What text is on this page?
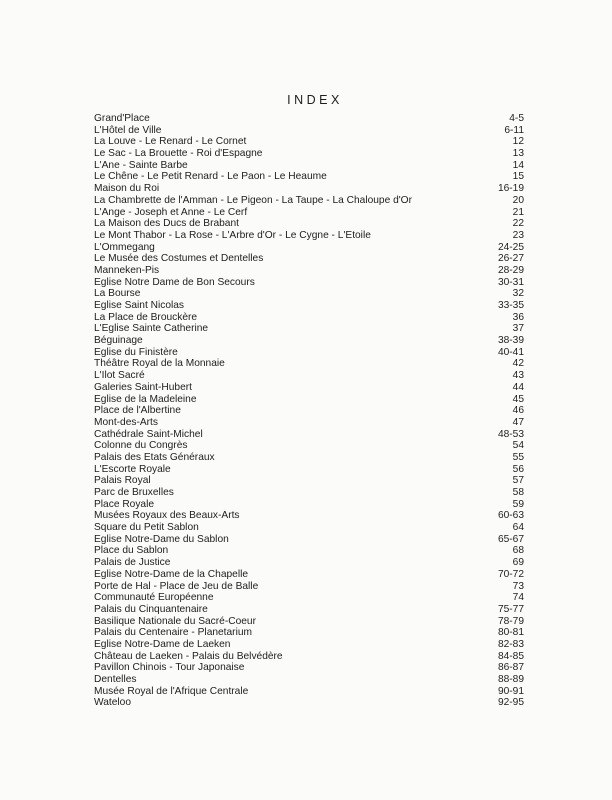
INDEX
Grand'Place	4-5
L'Hôtel de Ville	6-11
La Louve - Le Renard - Le Cornet	12
Le Sac - La Brouette - Roi d'Espagne	13
L'Ane - Sainte Barbe	14
Le Chêne - Le Petit Renard - Le Paon - Le Heaume	15
Maison du Roi	16-19
La Chambrette de l'Amman - Le Pigeon - La Taupe - La Chaloupe d'Or	20
L'Ange - Joseph et Anne - Le Cerf	21
La Maison des Ducs de Brabant	22
Le Mont Thabor - La Rose - L'Arbre d'Or - Le Cygne - L'Etoile	23
L'Ommegang	24-25
Le Musée des Costumes et Dentelles	26-27
Manneken-Pis	28-29
Eglise Notre Dame de Bon Secours	30-31
La Bourse	32
Eglise Saint Nicolas	33-35
La Place de Brouckère	36
L'Eglise Sainte Catherine	37
Béguinage	38-39
Eglise du Finistère	40-41
Théâtre Royal de la Monnaie	42
L'Ilot Sacré	43
Galeries Saint-Hubert	44
Eglise de la Madeleine	45
Place de l'Albertine	46
Mont-des-Arts	47
Cathédrale Saint-Michel	48-53
Colonne du Congrès	54
Palais des Etats Généraux	55
L'Escorte Royale	56
Palais Royal	57
Parc de Bruxelles	58
Place Royale	59
Musées Royaux des Beaux-Arts	60-63
Square du Petit Sablon	64
Eglise Notre-Dame du Sablon	65-67
Place du Sablon	68
Palais de Justice	69
Eglise Notre-Dame de la Chapelle	70-72
Porte de Hal - Place de Jeu de Balle	73
Communauté Européenne	74
Palais du Cinquantenaire	75-77
Basilique Nationale du Sacré-Coeur	78-79
Palais du Centenaire - Planetarium	80-81
Eglise Notre-Dame de Laeken	82-83
Château de Laeken - Palais du Belvédère	84-85
Pavillon Chinois - Tour Japonaise	86-87
Dentelles	88-89
Musée Royal de l'Afrique Centrale	90-91
Wateloo	92-95
